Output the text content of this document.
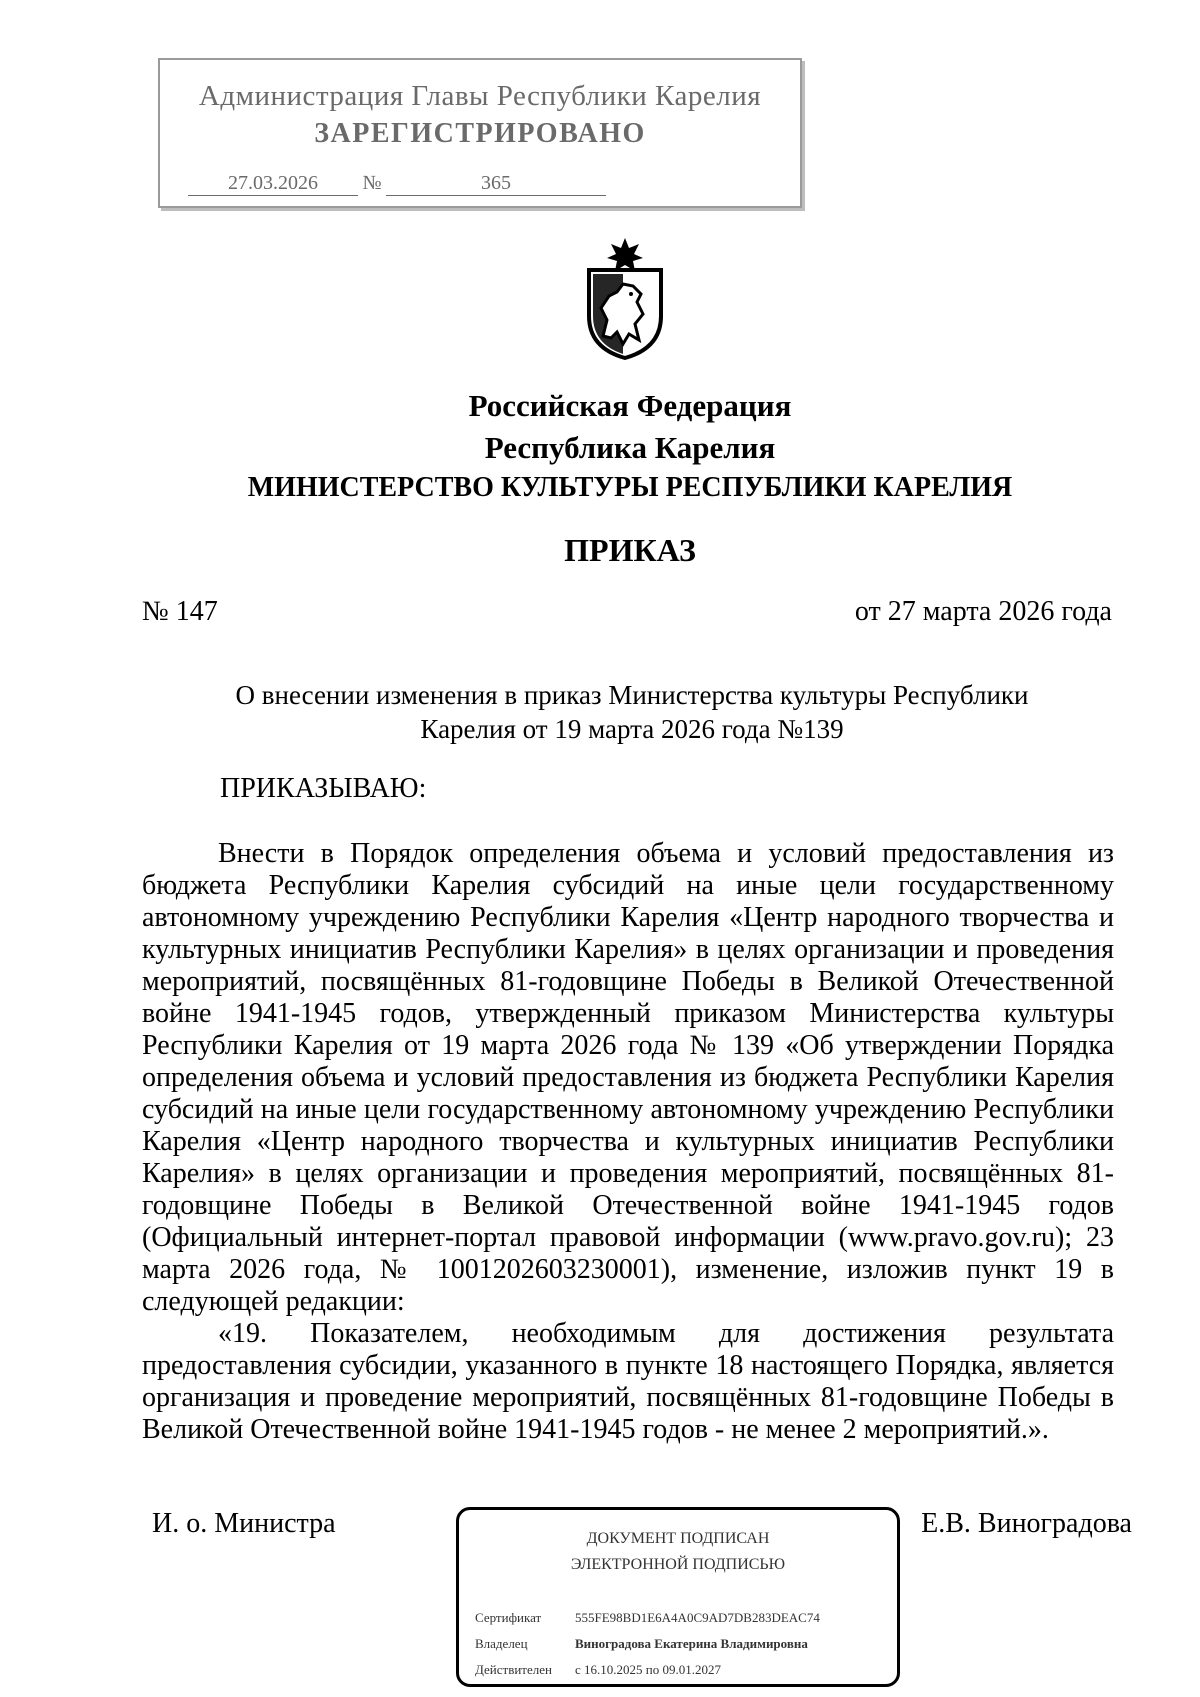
Администрация Главы Республики Карелия
ЗАРЕГИСТРИРОВАНО
27.03.2026 №	365
Российская Федерация
Республика Карелия
МИНИСТЕРСТВО КУЛЬТУРЫ РЕСПУБЛИКИ КАРЕЛИЯ
ПРИКАЗ
№ 147	от 27 марта 2026 года
О внесении изменения в приказ Министерства культуры Республики
Карелия от 19 марта 2026 года №139
ПРИКАЗЫВАЮ:

Внести в Порядок определения объема и условий предоставления из бюджета Республики Карелия субсидий на иные цели государственному автономному учреждению Республики Карелия «Центр народного творчества и культурных инициатив Республики Карелия» в целях организации и проведения мероприятий, посвящённых 81-годовщине Победы в Великой Отечественной войне 1941-1945 годов, утвержденный приказом Министерства культуры Республики Карелия от 19 марта 2026 года № 139 «Об утверждении Порядка определения объема и условий предоставления из бюджета Республики Карелия субсидий на иные цели государственному автономному учреждению Республики Карелия «Центр народного творчества и культурных инициатив Республики Карелия» в целях организации и проведения мероприятий, посвящённых 81-годовщине Победы в Великой Отечественной войне 1941-1945 годов (Официальный интернет-портал правовой информации (www.pravo.gov.ru); 23 марта 2026 года, № 1001202603230001), изменение, изложив пункт 19 в следующей редакции:

«19. Показателем, необходимым для достижения результата предоставления субсидии, указанного в пункте 18 настоящего Порядка, является организация и проведение мероприятий, посвящённых 81-годовщине Победы в Великой Отечественной войне 1941-1945 годов - не менее 2 мероприятий.».

И. о. Министра	Е.В. Виноградова
ДОКУМЕНТ ПОДПИСАН
ЭЛЕКТРОННОЙ ПОДПИСЬЮ
Сертификат	555FE98BD1E6A4A0C9AD7DB283DEAC74
Владелец	Виноградова Екатерина Владимировна
Действителен с 16.10.2025 по 09.01.2027
